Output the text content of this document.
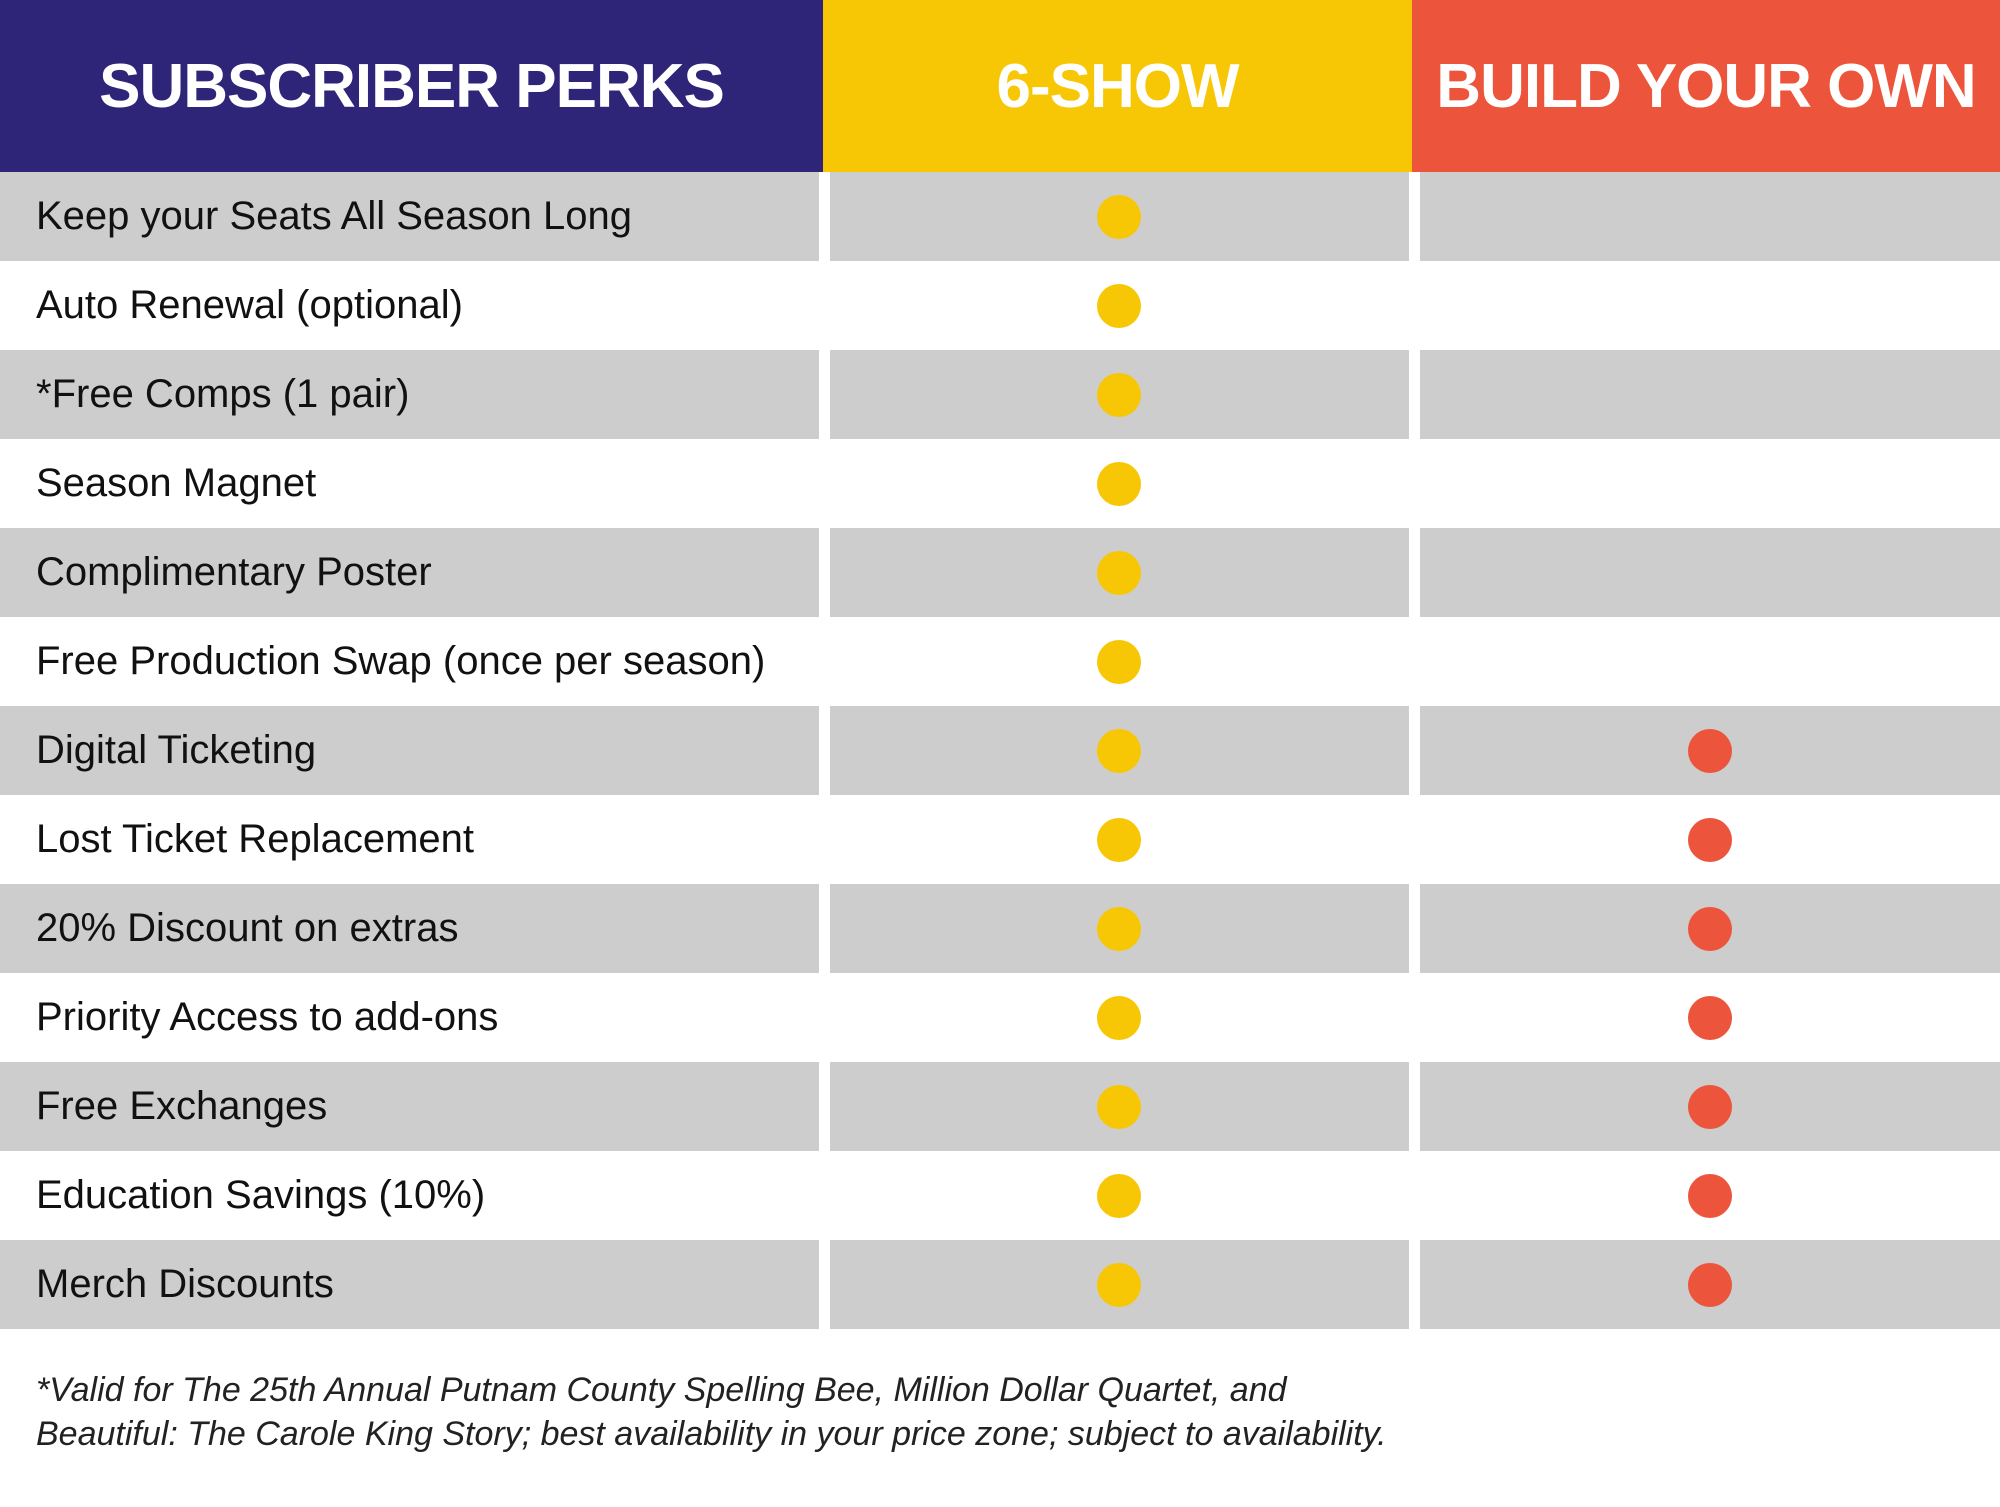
SUBSCRIBER PERKS	6-SHOW	BUILD YOUR OWN
Keep your Seats All Season Long
Auto Renewal (optional)
*Free Comps (1 pair)
Season Magnet
Complimentary Poster
Free Production Swap (once per season)
Digital Ticketing
Lost Ticket Replacement
20% Discount on extras
Priority Access to add-ons
Free Exchanges
Education Savings (10%)
Merch Discounts
*Valid for The 25th Annual Putnam County Spelling Bee, Million Dollar Quartet, and
Beautiful: The Carole King Story; best availability in your price zone; subject to availability.
